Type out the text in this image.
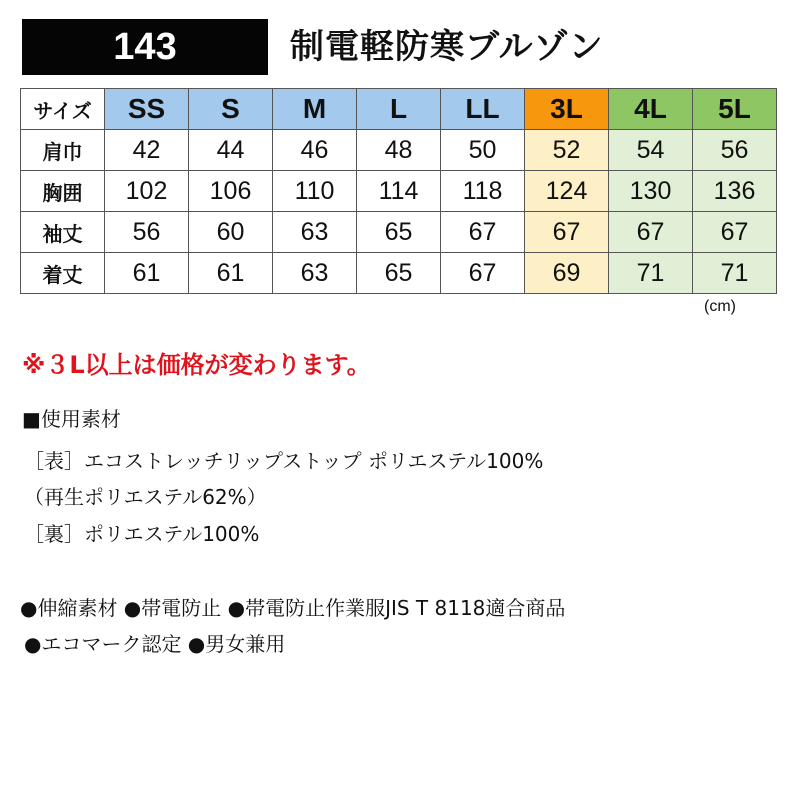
143	制電軽防寒ブルゾン
サイズ	SS	S	M	L	LL	3L	4L	5L
肩巾	42	44	46	48	50	52	54	56
胸囲	102	106	110	114	118	124	130	136
袖丈	56	60	63	65	67	67	67	67
着丈	61	61	63	65	67	69	71	71
(cm)
※３L以上は価格が変わります。
■使用素材
［表］エコストレッチリップストップ ポリエステル100%
（再生ポリエステル62%）
［裏］ポリエステル100%
●伸縮素材 ●帯電防止 ●帯電防止作業服JIS T 8118適合商品
●エコマーク認定 ●男女兼用
